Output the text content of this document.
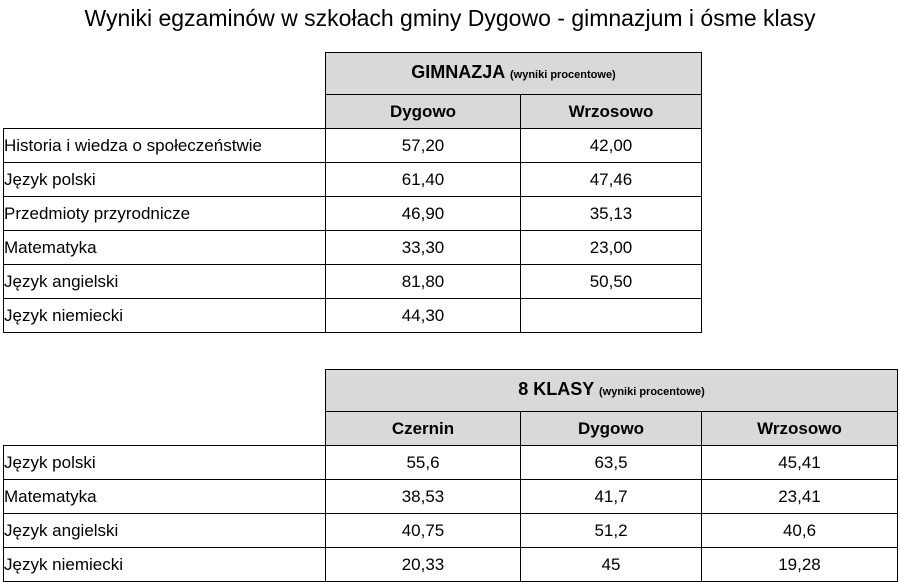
Wyniki egzaminów w szkołach gminy Dygowo - gimnazjum i ósme klasy
	GIMNAZJA (wyniki procentowe)	
	Dygowo	Wrzosowo
Historia i wiedza o społeczeństwie	57,20	42,00
Język polski	61,40	47,46
Przedmioty przyrodnicze	46,90	35,13
Matematyka	33,30	23,00
Język angielski	81,80	50,50
Język niemiecki	44,30	
	8 KLASY (wyniki procentowe)		
	Czernin	Dygowo	Wrzosowo
Język polski	55,6	63,5	45,41
Matematyka	38,53	41,7	23,41
Język angielski	40,75	51,2	40,6
Język niemiecki	20,33	45	19,28
